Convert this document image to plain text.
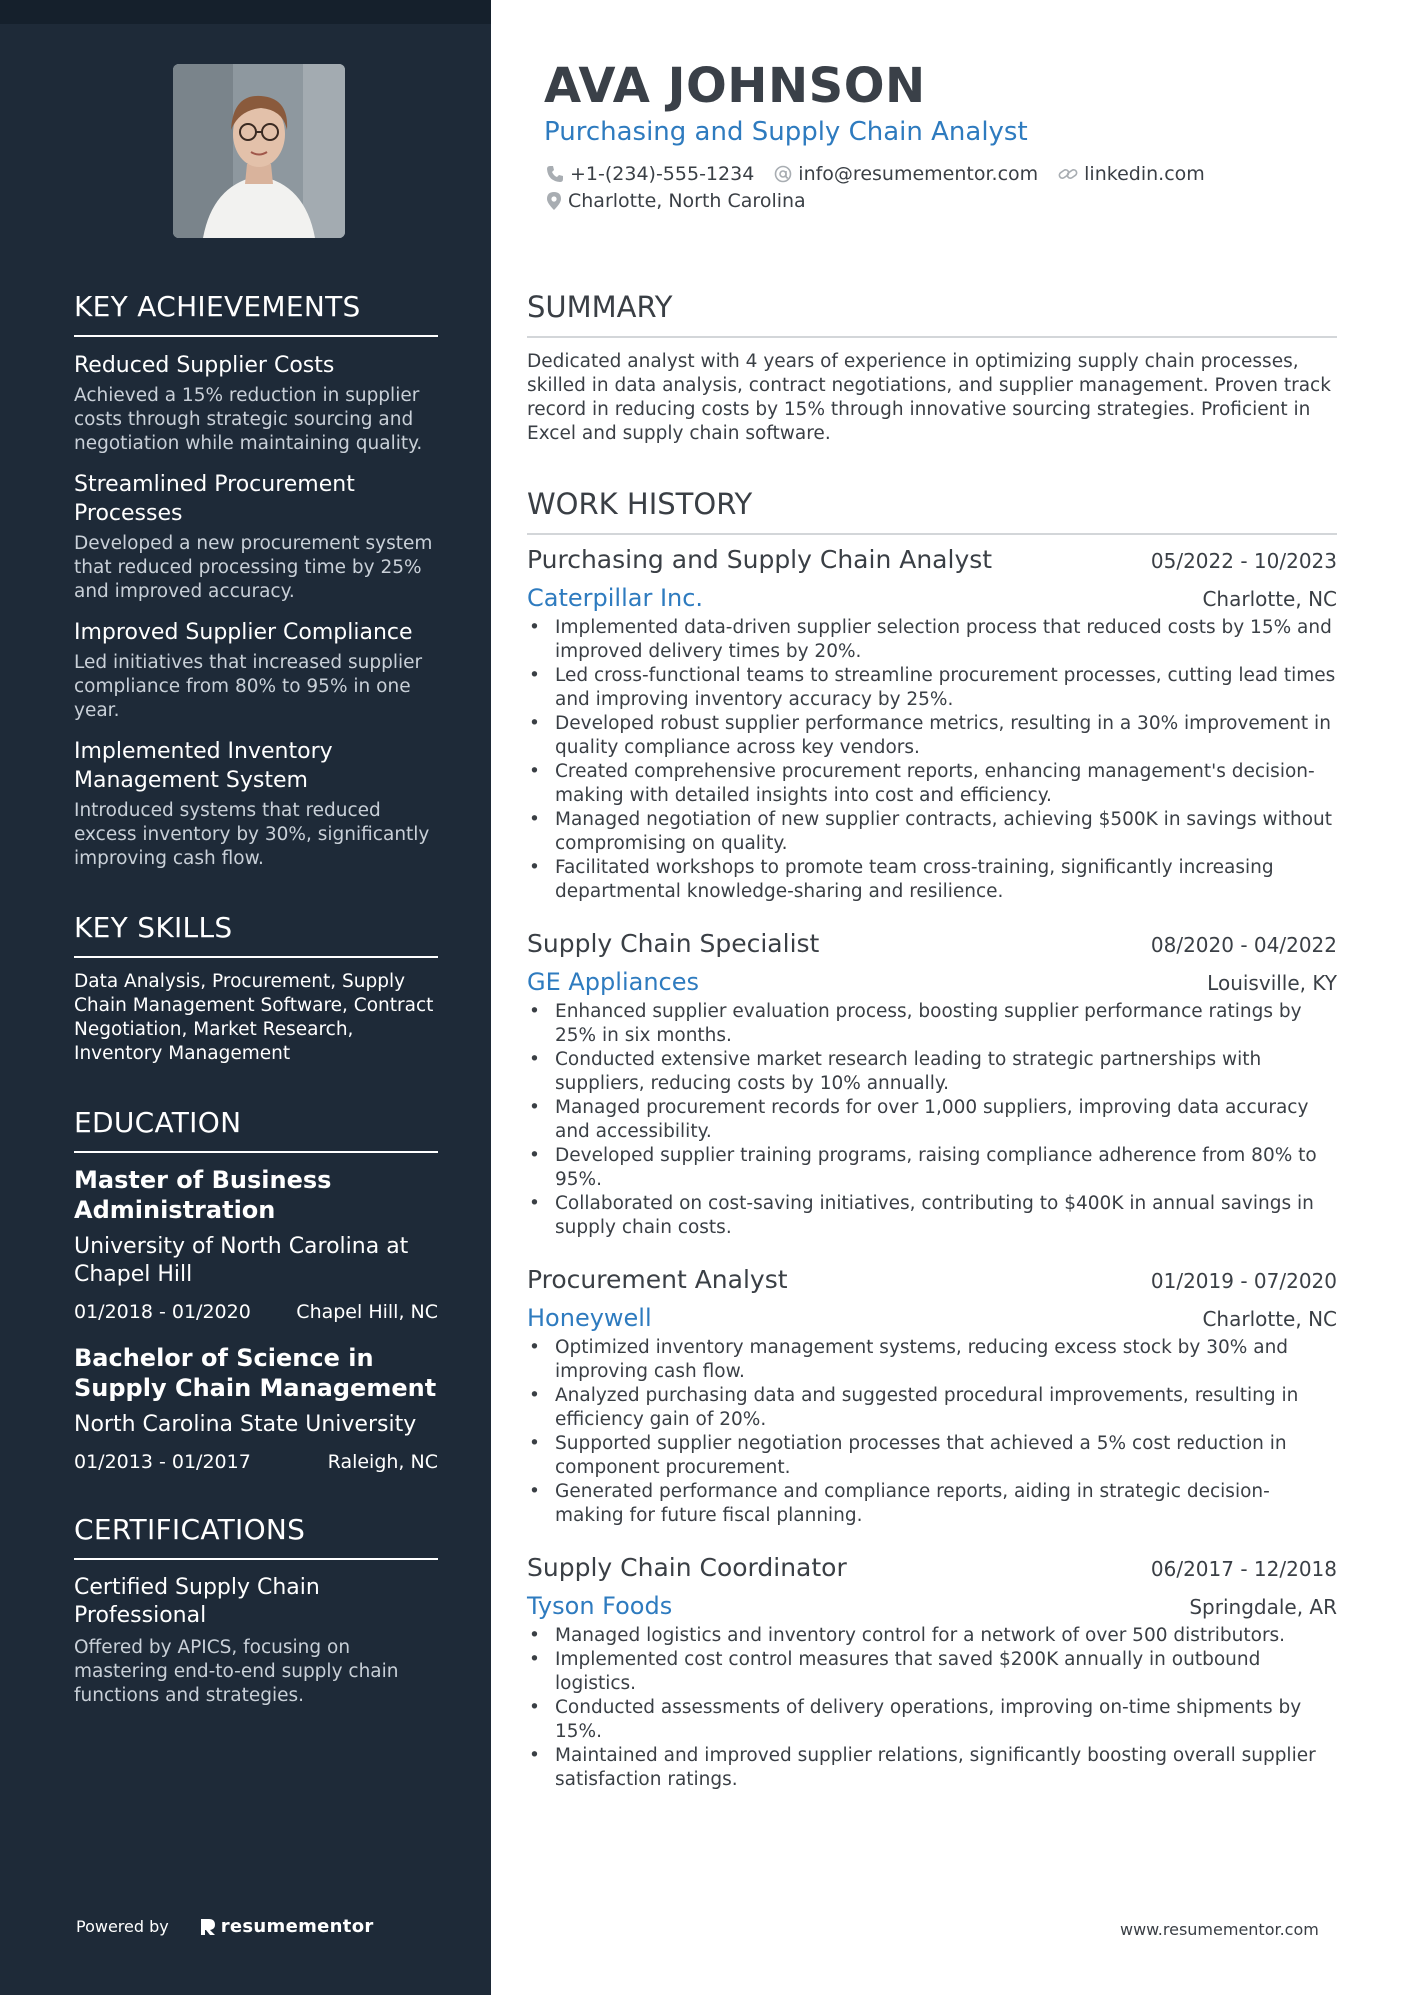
KEY ACHIEVEMENTS
Reduced Supplier Costs
Achieved a 15% reduction in supplier costs through strategic sourcing and negotiation while maintaining quality.
Streamlined Procurement Processes
Developed a new procurement system that reduced processing time by 25% and improved accuracy.
Improved Supplier Compliance
Led initiatives that increased supplier compliance from 80% to 95% in one year.
Implemented Inventory Management System
Introduced systems that reduced excess inventory by 30%, significantly improving cash flow.
KEY SKILLS
Data Analysis, Procurement, Supply Chain Management Software, Contract Negotiation, Market Research, Inventory Management
EDUCATION
Master of Business Administration
University of North Carolina at Chapel Hill
01/2018 - 01/2020 Chapel Hill, NC
Bachelor of Science in Supply Chain Management
North Carolina State University
01/2013 - 01/2017	Raleigh, NC
CERTIFICATIONS
Certified Supply Chain Professional
Offered by APICS, focusing on mastering end-to-end supply chain functions and strategies.
Powered by	resumementor
AVA JOHNSON
Purchasing and Supply Chain Analyst
+1-(234)-555-1234 info@resumementor.com linkedin.com
Charlotte, North Carolina
SUMMARY
Dedicated analyst with 4 years of experience in optimizing supply chain processes, skilled in data analysis, contract negotiations, and supplier management. Proven track record in reducing costs by 15% through innovative sourcing strategies. Proficient in Excel and supply chain software.
WORK HISTORY
Purchasing and Supply Chain Analyst	05/2022 - 10/2023
Caterpillar Inc.	Charlotte, NC
• Implemented data-driven supplier selection process that reduced costs by 15% and improved delivery times by 20%.
• Led cross-functional teams to streamline procurement processes, cutting lead times and improving inventory accuracy by 25%.
• Developed robust supplier performance metrics, resulting in a 30% improvement in quality compliance across key vendors.
• Created comprehensive procurement reports, enhancing management's decision-making with detailed insights into cost and efficiency.
• Managed negotiation of new supplier contracts, achieving $500K in savings without compromising on quality.
• Facilitated workshops to promote team cross-training, significantly increasing departmental knowledge-sharing and resilience.
Supply Chain Specialist	08/2020 - 04/2022
GE Appliances	Louisville, KY
• Enhanced supplier evaluation process, boosting supplier performance ratings by 25% in six months.
• Conducted extensive market research leading to strategic partnerships with suppliers, reducing costs by 10% annually.
• Managed procurement records for over 1,000 suppliers, improving data accuracy and accessibility.
• Developed supplier training programs, raising compliance adherence from 80% to 95%.
• Collaborated on cost-saving initiatives, contributing to $400K in annual savings in supply chain costs.
Procurement Analyst	01/2019 - 07/2020
Honeywell	Charlotte, NC
• Optimized inventory management systems, reducing excess stock by 30% and improving cash flow.
• Analyzed purchasing data and suggested procedural improvements, resulting in efficiency gain of 20%.
• Supported supplier negotiation processes that achieved a 5% cost reduction in component procurement.
• Generated performance and compliance reports, aiding in strategic decision-making for future fiscal planning.
Supply Chain Coordinator	06/2017 - 12/2018
Tyson Foods	Springdale, AR
• Managed logistics and inventory control for a network of over 500 distributors.
• Implemented cost control measures that saved $200K annually in outbound logistics.
• Conducted assessments of delivery operations, improving on-time shipments by 15%.
• Maintained and improved supplier relations, significantly boosting overall supplier satisfaction ratings.
www.resumementor.com
